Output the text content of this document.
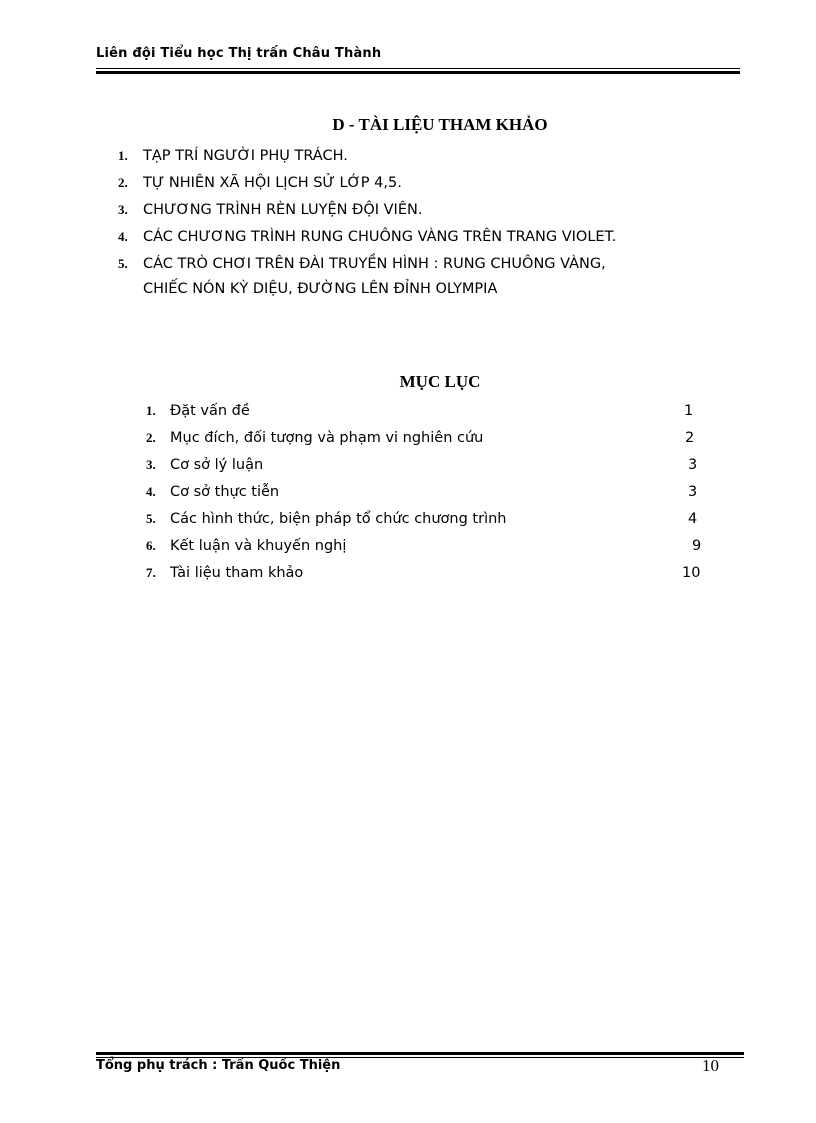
Liên đội Tiểu học Thị trấn Châu Thành
D - TÀI LIỆU THAM KHẢO
1.	TẠP TRÍ NGƯỜI PHỤ TRÁCH.
2.	TỰ NHIÊN XÃ HỘI LỊCH SỬ LỚP 4,5.
3.	CHƯƠNG TRÌNH RÈN LUYỆN ĐỘI VIÊN.
4.	CÁC CHƯƠNG TRÌNH RUNG CHUÔNG VÀNG TRÊN TRANG VIOLET.
5.	CÁC TRÒ CHƠI TRÊN ĐÀI TRUYỀN HÌNH : RUNG CHUÔNG VÀNG,
CHIẾC NÓN KỲ DIỆU, ĐƯỜNG LÊN ĐỈNH OLYMPIA
MỤC LỤC
1. Đặt vấn đề	1
2. Mục đích, đối tượng và phạm vi nghiên cứu	2
3. Cơ sở lý luận	3
4. Cơ sở thực tiễn	3
5. Các hình thức, biện pháp tổ chức chương trình	4
6. Kết luận và khuyến nghị	9
7. Tài liệu tham khảo	10
Tổng phụ trách : Trần Quốc Thiện	10
